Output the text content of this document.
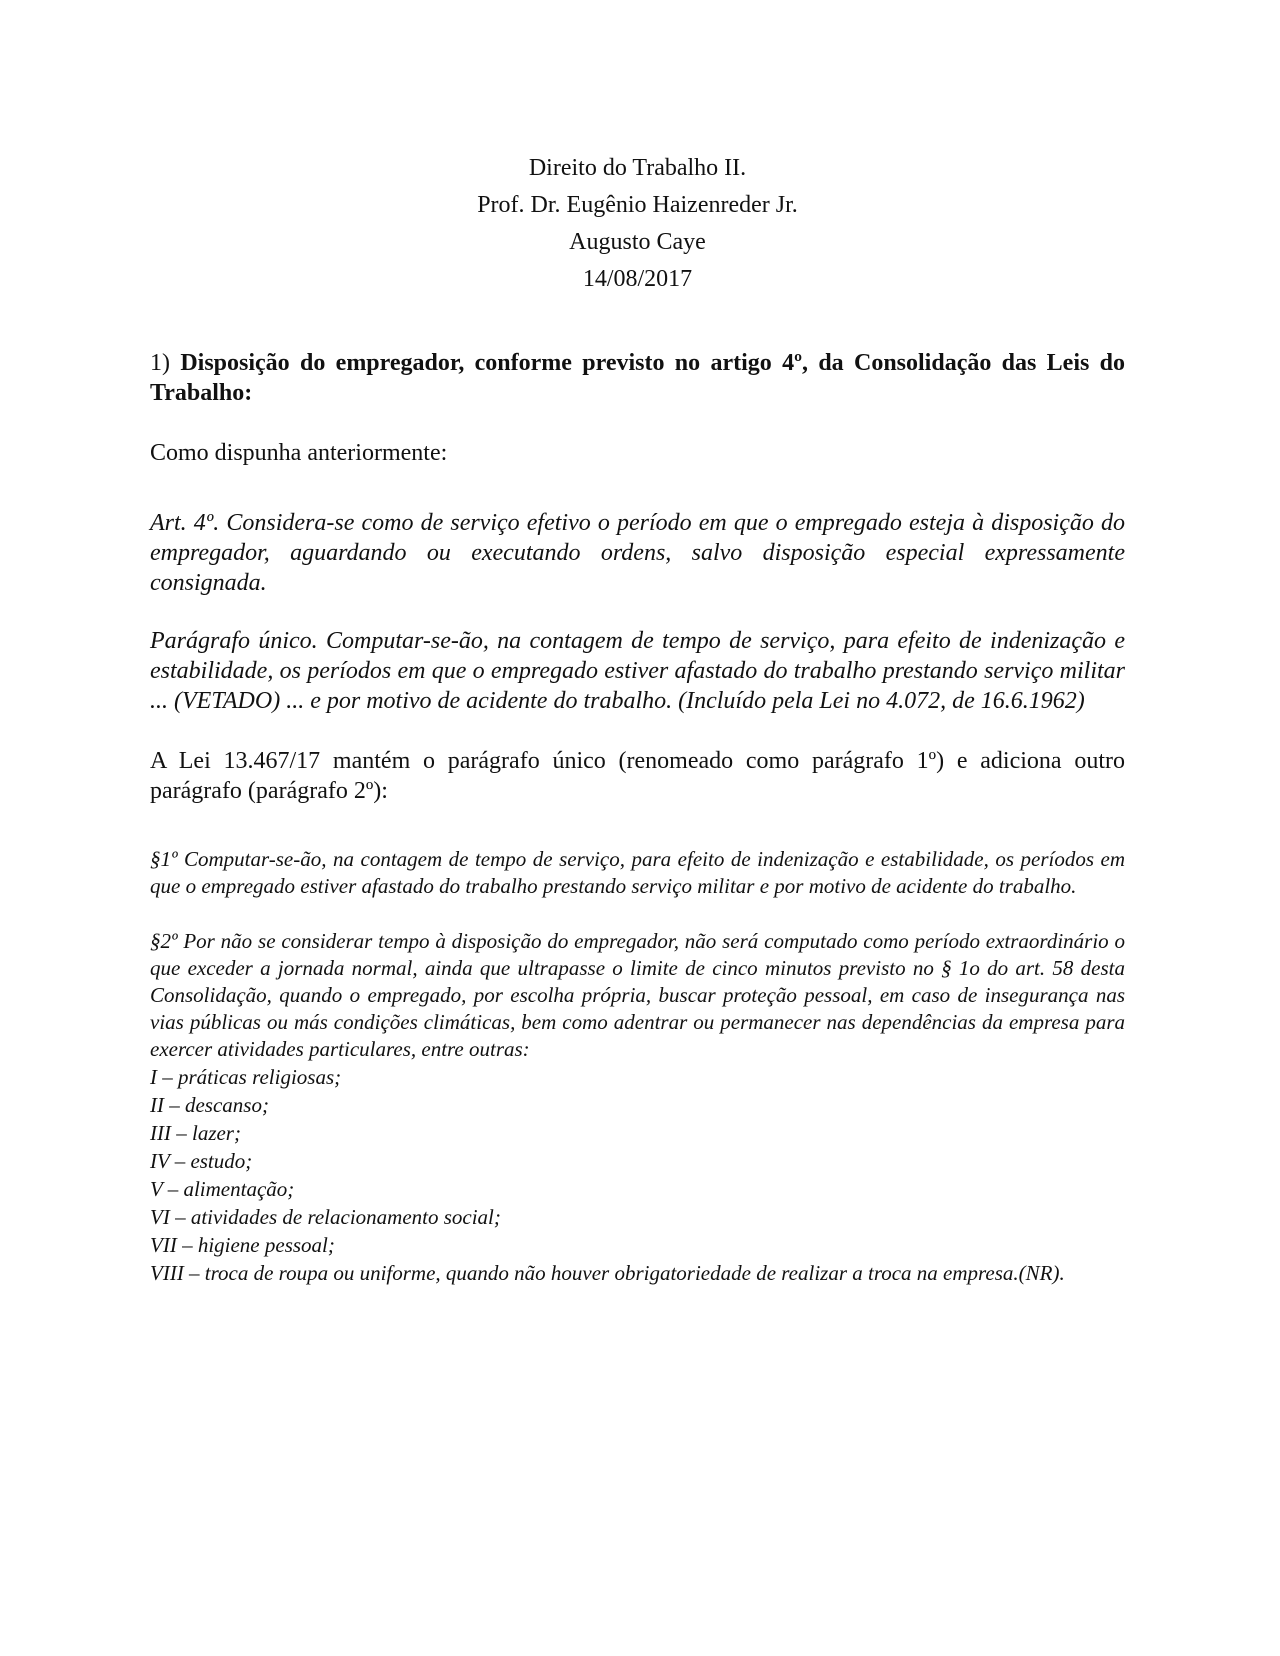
Direito do Trabalho II.
Prof. Dr. Eugênio Haizenreder Jr.
Augusto Caye
14/08/2017
1) Disposição do empregador, conforme previsto no artigo 4º, da Consolidação das Leis do Trabalho:

Como dispunha anteriormente:

Art. 4º. Considera-se como de serviço efetivo o período em que o empregado esteja à disposição do empregador, aguardando ou executando ordens, salvo disposição especial expressamente consignada.

Parágrafo único. Computar-se-ão, na contagem de tempo de serviço, para efeito de indenização e estabilidade, os períodos em que o empregado estiver afastado do trabalho prestando serviço militar ... (VETADO) ... e por motivo de acidente do trabalho. (Incluído pela Lei no 4.072, de 16.6.1962)

A Lei 13.467/17 mantém o parágrafo único (renomeado como parágrafo 1º) e adiciona outro parágrafo (parágrafo 2º):

§1º Computar-se-ão, na contagem de tempo de serviço, para efeito de indenização e estabilidade, os períodos em que o empregado estiver afastado do trabalho prestando serviço militar e por motivo de acidente do trabalho.

§2º Por não se considerar tempo à disposição do empregador, não será computado como período extraordinário o que exceder a jornada normal, ainda que ultrapasse o limite de cinco minutos previsto no § 1o do art. 58 desta Consolidação, quando o empregado, por escolha própria, buscar proteção pessoal, em caso de insegurança nas vias públicas ou más condições climáticas, bem como adentrar ou permanecer nas dependências da empresa para exercer atividades particulares, entre outras:

I – práticas religiosas;
II – descanso;
III – lazer;
IV – estudo;
V – alimentação;
VI – atividades de relacionamento social;
VII – higiene pessoal;
VIII – troca de roupa ou uniforme, quando não houver obrigatoriedade de realizar a troca na empresa.(NR).
